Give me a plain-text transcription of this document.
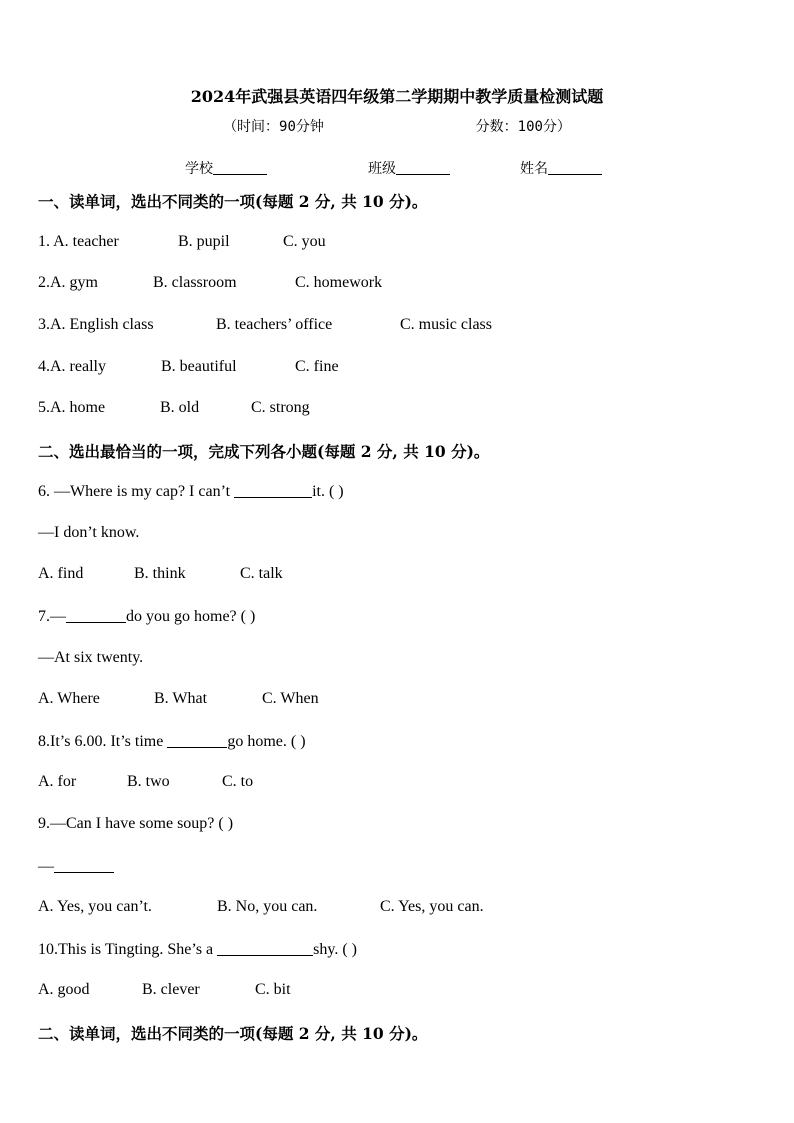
2024年武强县英语四年级第二学期期中教学质量检测试题
（时间：90分钟                  分数：100分）
学校	班级	姓名
一、读单词，选出不同类的一项(每题 2 分, 共 10 分)。
1. A. teacher	B. pupil	C. you
2.A. gym	B. classroom	C. homework
3.A. English class	B. teachers’ office	C. music class
4.A. really	B. beautiful	C. fine
5.A. home	B. old	C. strong
二、选出最恰当的一项，完成下列各小题(每题 2 分, 共 10 分)。
6. —Where is my cap? I can’t	it. ( )
—I don’t know.
A. find	B. think	C. talk
7.—	do you go home? ( )
—At six twenty.
A. Where	B. What	C. When
8.It’s 6.00. It’s time	go home. ( )
A. for	B. two	C. to
9.—Can I have some soup? ( )
—
A. Yes, you can’t.	B. No, you can.	C. Yes, you can.
10.This is Tingting. She’s a	shy. ( )
A. good	B. clever	C. bit
二、读单词，选出不同类的一项(每题 2 分, 共 10 分)。
